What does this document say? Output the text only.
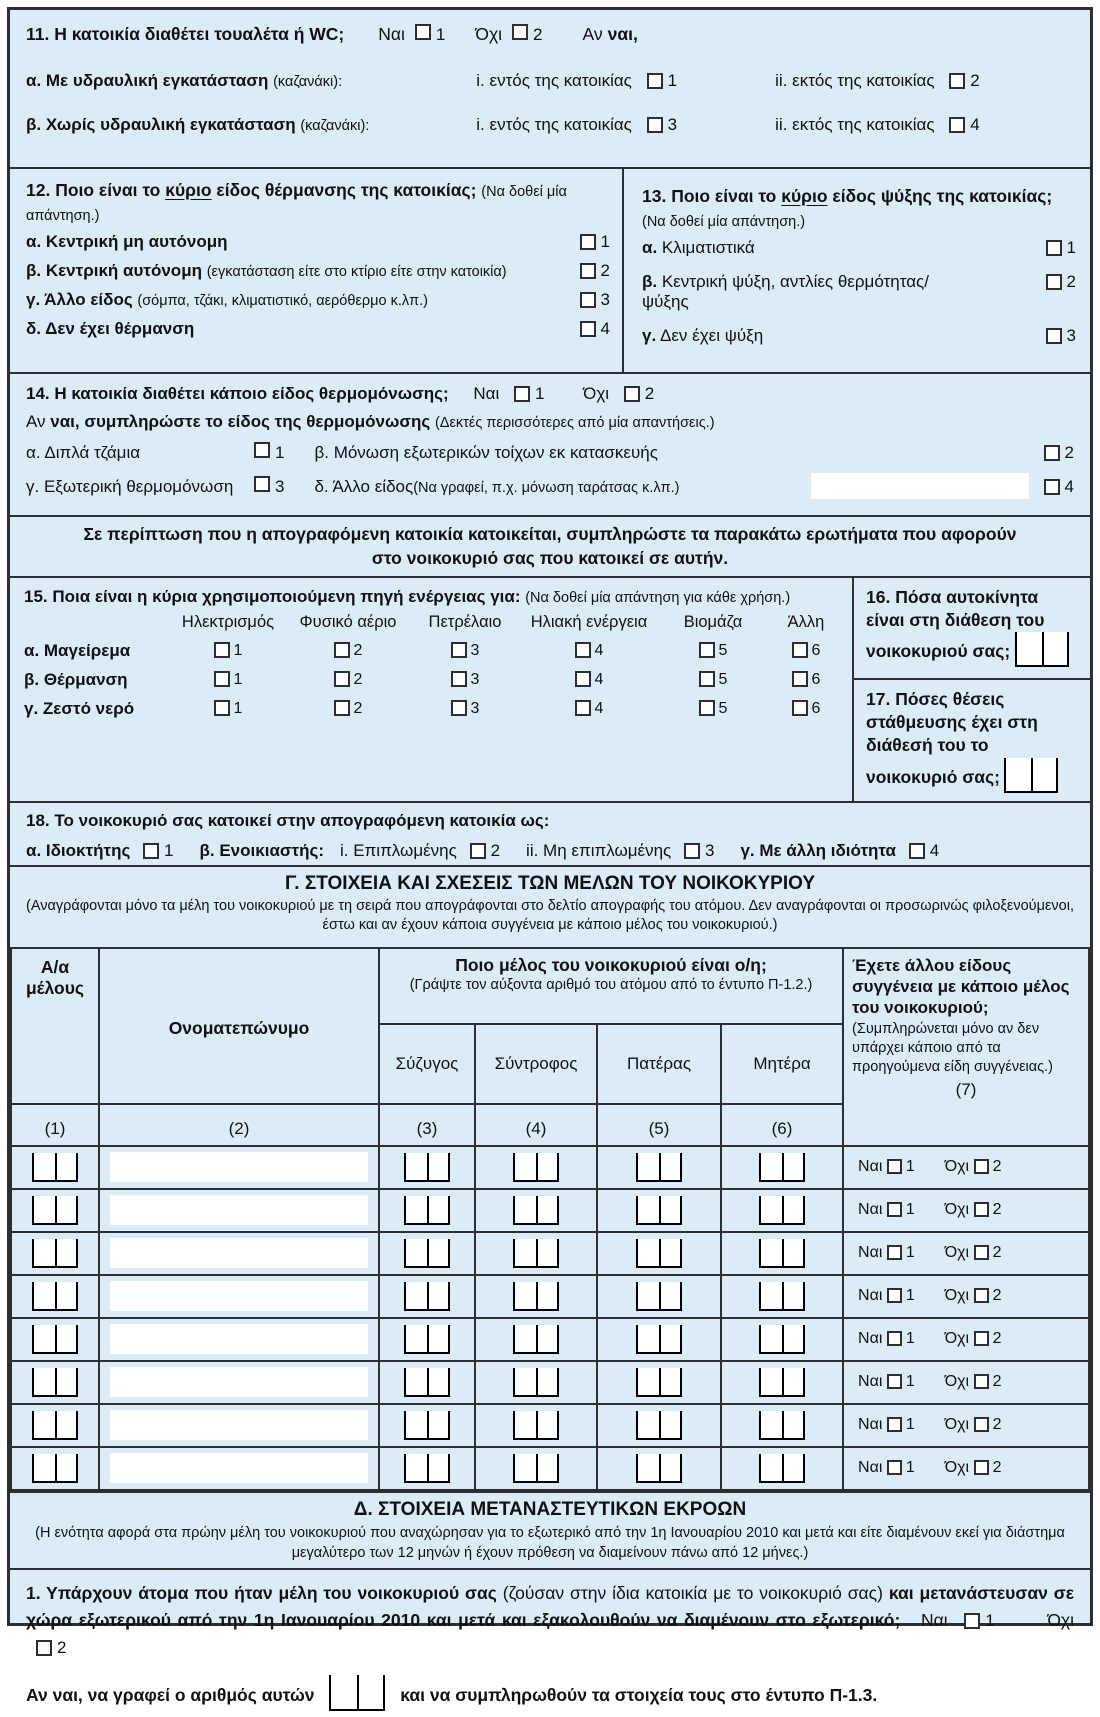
11. Η κατοικία διαθέτει τουαλέτα ή WC; Ναι 1 Όχι 2 Αν ναι,
α. Με υδραυλική εγκατάσταση (καζανάκι):	i. εντός της κατοικίας 1	ii. εκτός της κατοικίας 2
β. Χωρίς υδραυλική εγκατάσταση (καζανάκι):	i. εντός της κατοικίας 3	ii. εκτός της κατοικίας 4
12. Ποιο είναι το κύριο είδος θέρμανσης της κατοικίας; (Να δοθεί μία απάντηση.)
α. Κεντρική μη αυτόνομη	1
β. Κεντρική αυτόνομη (εγκατάσταση είτε στο κτίριο είτε στην κατοικία)	2
γ. Άλλο είδος (σόμπα, τζάκι, κλιματιστικό, αερόθερμο κ.λπ.)	3
δ. Δεν έχει θέρμανση	4
13. Ποιο είναι το κύριο είδος ψύξης της κατοικίας; (Να δοθεί μία απάντηση.)
α. Κλιματιστικά	1
β. Κεντρική ψύξη, αντλίες θερμότητας/ψύξης
2
γ. Δεν έχει ψύξη	3
14. Η κατοικία διαθέτει κάποιο είδος θερμομόνωσης; Ναι 1 Όχι 2
Αν ναι, συμπληρώστε το είδος της θερμομόνωσης (Δεκτές περισσότερες από μία απαντήσεις.)
α. Διπλά τζάμια	1 β. Μόνωση εξωτερικών τοίχων εκ κατασκευής	2
γ. Εξωτερική θερμομόνωση	3 δ. Άλλο είδος (Να γραφεί, π.χ. μόνωση ταράτσας κ.λπ.)	4
Σε περίπτωση που η απογραφόμενη κατοικία κατοικείται, συμπληρώστε τα παρακάτω ερωτήματα που αφορούν
στο νοικοκυριό σας που κατοικεί σε αυτήν.
15. Ποια είναι η κύρια χρησιμοποιούμενη πηγή ενέργειας για: (Να δοθεί μία απάντηση για κάθε χρήση.)
Ηλεκτρισμός	Φυσικό αέριο	Πετρέλαιο	Ηλιακή ενέργεια	Βιομάζα	Άλλη
α. Μαγείρεμα	1	2	3	4	5	6
β. Θέρμανση	1	2	3	4	5	6
γ. Ζεστό νερό	1	2	3	4	5	6
16. Πόσα αυτοκίνητα είναι στη διάθεση του νοικοκυριού σας;
17. Πόσες θέσεις στάθμευσης έχει στη διάθεσή του το νοικοκυριό σας;
18. Το νοικοκυριό σας κατοικεί στην απογραφόμενη κατοικία ως:
α. Ιδιοκτήτης 1 β. Ενοικιαστής: i. Επιπλωμένης 2 ii. Μη επιπλωμένης 3 γ. Με άλλη ιδιότητα 4
Γ. ΣΤΟΙΧΕΙΑ ΚΑΙ ΣΧΕΣΕΙΣ ΤΩΝ ΜΕΛΩΝ ΤΟΥ ΝΟΙΚΟΚΥΡΙΟΥ

(Αναγράφονται μόνο τα μέλη του νοικοκυριού με τη σειρά που απογράφονται στο δελτίο απογραφής του ατόμου. Δεν αναγράφονται οι προσωρινώς φιλοξενούμενοι, έστω και αν έχουν κάποια συγγένεια με κάποιο μέλος του νοικοκυριού.)

Α/α
μέλους	Ονοματεπώνυμο	Ποιο μέλος του νοικοκυριού είναι ο/η;
(Γράψτε τον αύξοντα αριθμό του ατόμου από το έντυπο Π-1.2.)				Έχετε άλλου είδους συγγένεια με κάποιο μέλος του νοικοκυριού;
(Συμπληρώνεται μόνο αν δεν υπάρχει κάποιο από τα προηγούμενα είδη συγγένειας.)
(7)

		Σύζυγος	Σύντροφος	Πατέρας	Μητέρα	
(1)	(2)	(3)	(4)	(5)	(6)	

						Ναι 1 Όχι 2

						Ναι 1 Όχι 2

						Ναι 1 Όχι 2

						Ναι 1 Όχι 2

						Ναι 1 Όχι 2

						Ναι 1 Όχι 2

						Ναι 1 Όχι 2

						Ναι 1 Όχι 2
Δ. ΣΤΟΙΧΕΙΑ ΜΕΤΑΝΑΣΤΕΥΤΙΚΩΝ ΕΚΡΟΩΝ

(Η ενότητα αφορά στα πρώην μέλη του νοικοκυριού που αναχώρησαν για το εξωτερικό από την 1η Ιανουαρίου 2010 και μετά και είτε διαμένουν εκεί για διάστημα μεγαλύτερο των 12 μηνών ή έχουν πρόθεση να διαμείνουν πάνω από 12 μήνες.)

1. Υπάρχουν άτομα που ήταν μέλη του νοικοκυριού σας (ζούσαν στην ίδια κατοικία με το νοικοκυριό σας) και μετανάστευσαν σε χώρα εξωτερικού από την 1η Ιανουαρίου 2010 και μετά και εξακολουθούν να διαμένουν στο εξωτερικό; Ναι 1	Όχι 2
Αν ναι, να γραφεί ο αριθμός αυτών	και να συμπληρωθούν τα στοιχεία τους στο έντυπο Π-1.3.
